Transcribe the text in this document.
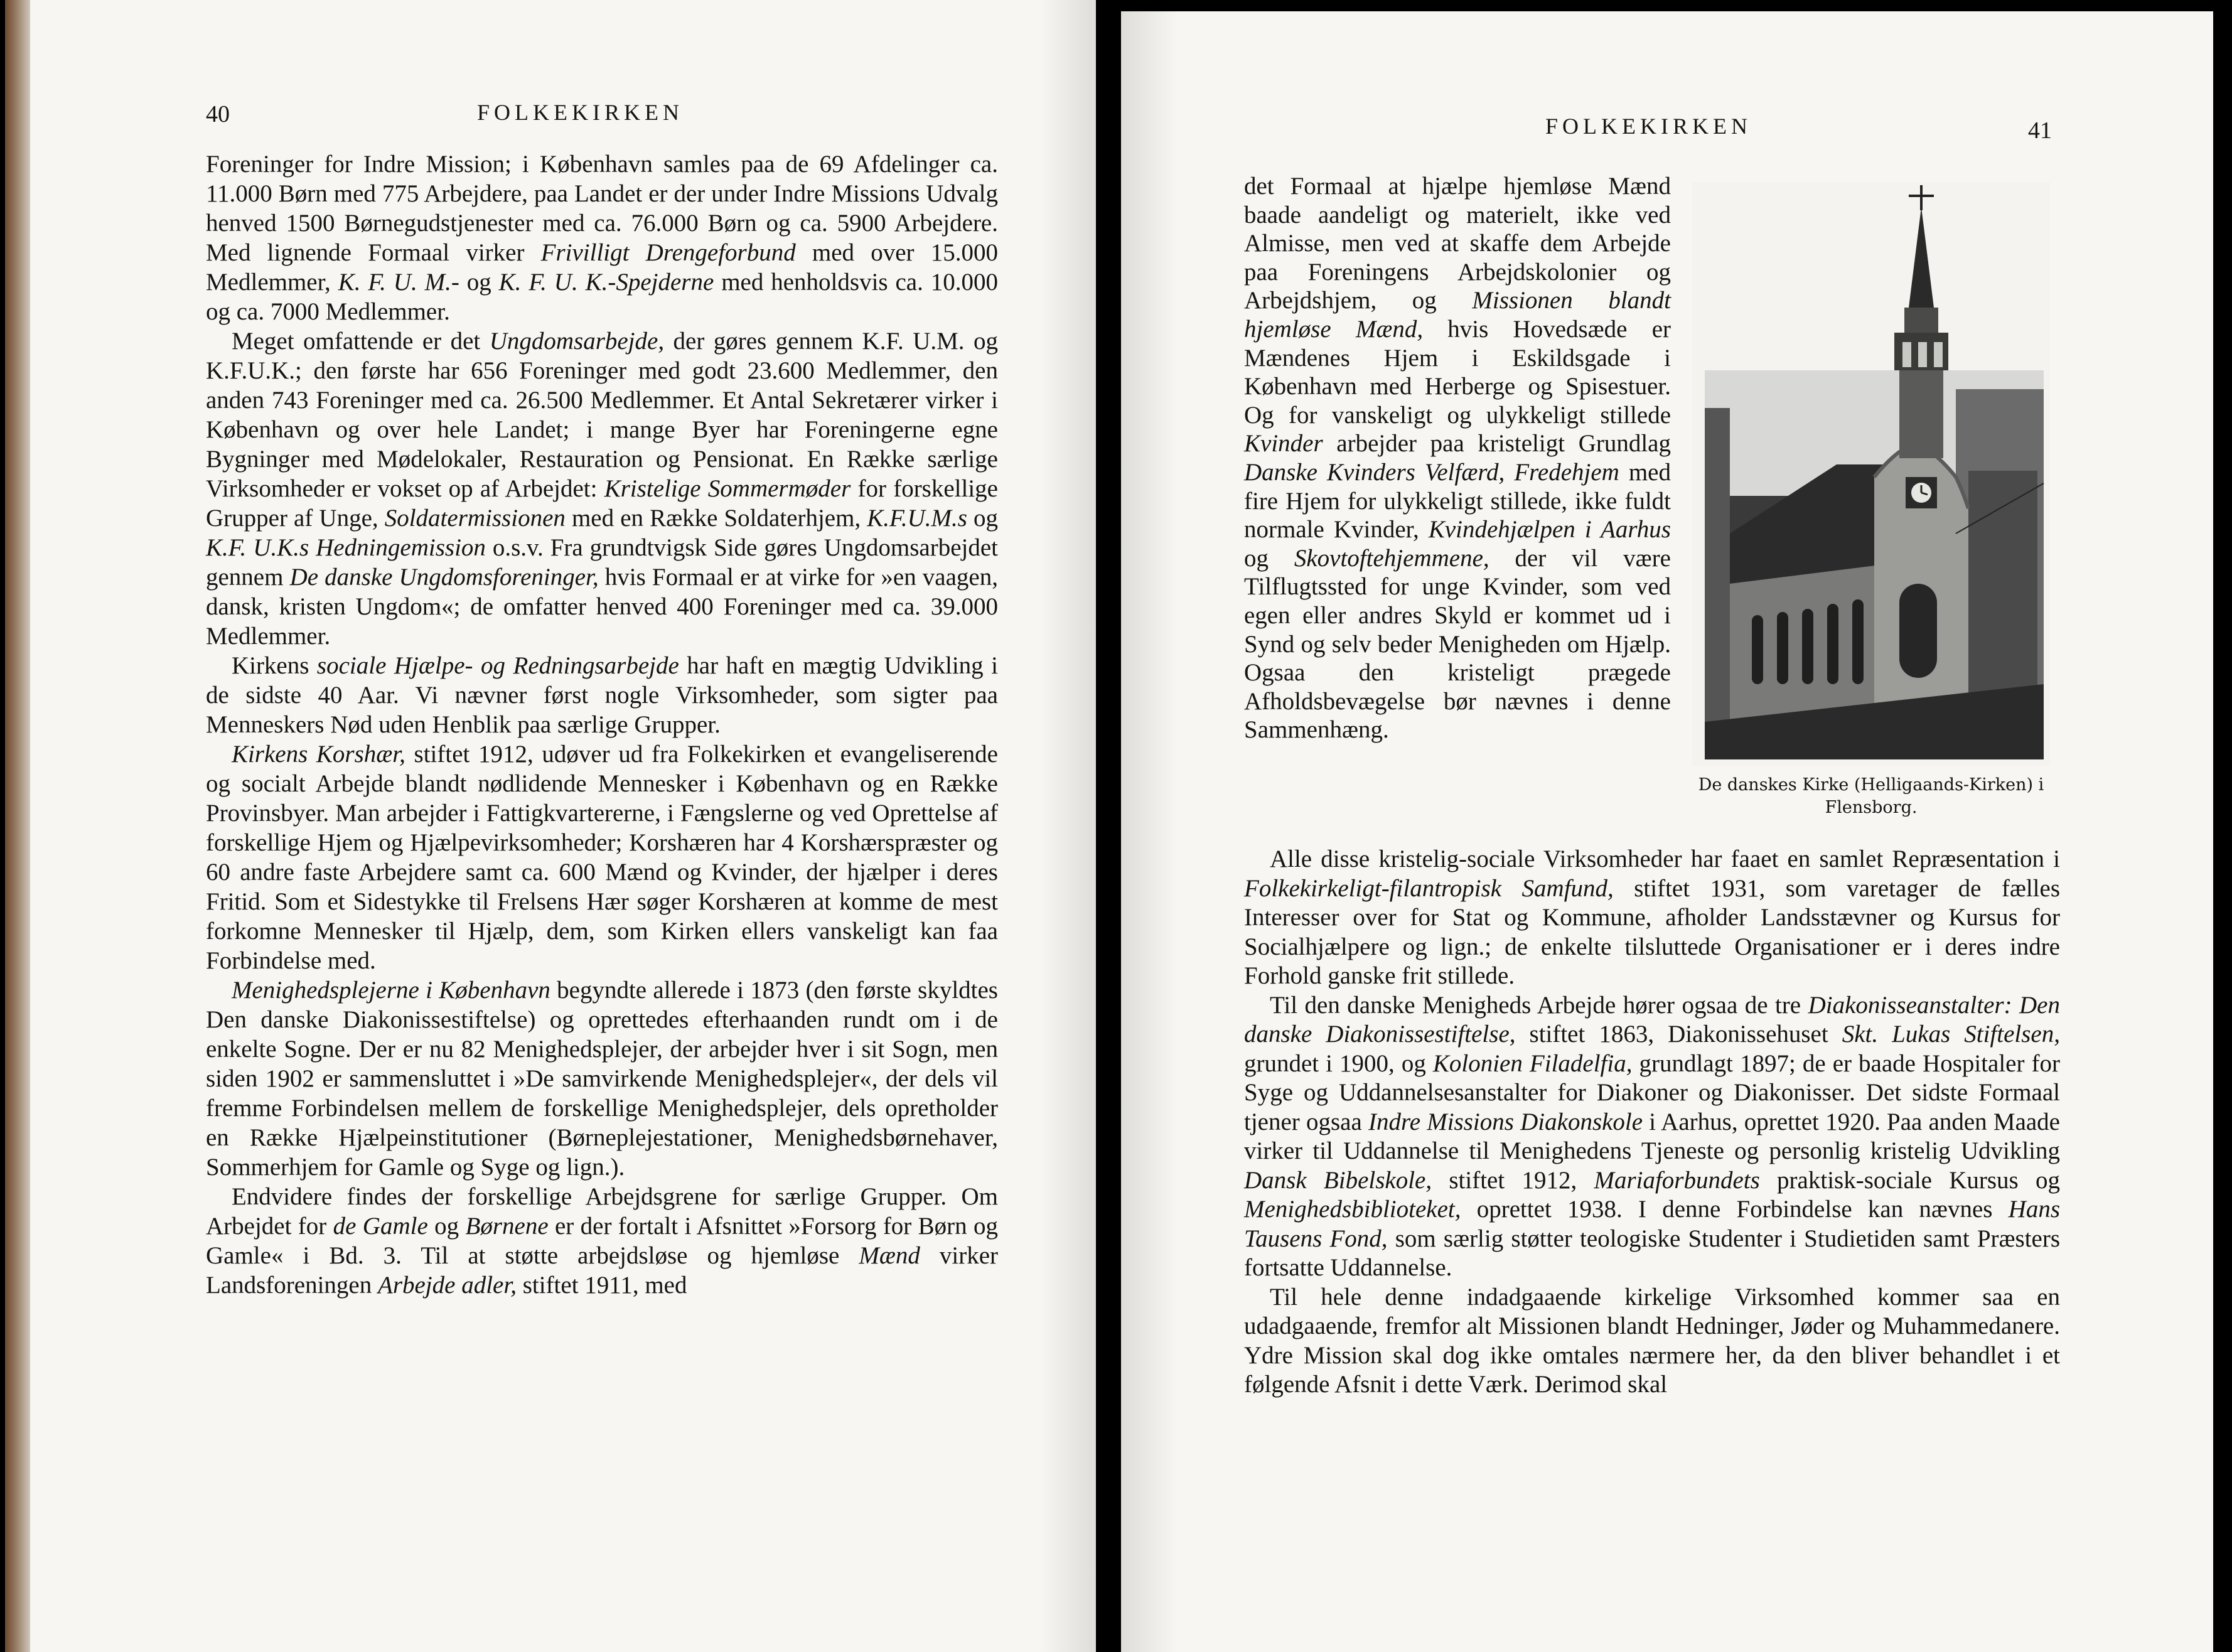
40	FOLKEKIRKEN

Foreninger for Indre Mission; i København samles paa de 69 Afdelinger ca. 11.000 Børn med 775 Arbejdere, paa Landet er der under Indre Missions Udvalg henved 1500 Børnegudstjenester med ca. 76.000 Børn og ca. 5900 Arbejdere. Med lignende Formaal virker Frivilligt Drengeforbund med over 15.000 Medlemmer, K. F. U. M.- og K. F. U. K.-Spejderne med henholdsvis ca. 10.000 og ca. 7000 Medlemmer.

Meget omfattende er det Ungdomsarbejde, der gøres gennem K.F. U.M. og K.F.U.K.; den første har 656 Foreninger med godt 23.600 Medlemmer, den anden 743 Foreninger med ca. 26.500 Medlemmer. Et Antal Sekretærer virker i København og over hele Landet; i mange Byer har Foreningerne egne Bygninger med Mødelokaler, Restauration og Pensionat. En Række særlige Virksomheder er vokset op af Arbejdet: Kristelige Sommermøder for forskellige Grupper af Unge, Soldatermissionen med en Række Soldaterhjem, K.F.U.M.s og K.F. U.K.s Hedningemission o.s.v. Fra grundtvigsk Side gøres Ungdomsarbejdet gennem De danske Ungdomsforeninger, hvis Formaal er at virke for »en vaagen, dansk, kristen Ungdom«; de omfatter henved 400 Foreninger med ca. 39.000 Medlemmer.

Kirkens sociale Hjælpe- og Redningsarbejde har haft en mægtig Udvikling i de sidste 40 Aar. Vi nævner først nogle Virksomheder, som sigter paa Menneskers Nød uden Henblik paa særlige Grupper.

Kirkens Korshær, stiftet 1912, udøver ud fra Folkekirken et evangeliserende og socialt Arbejde blandt nødlidende Mennesker i København og en Række Provinsbyer. Man arbejder i Fattigkvartererne, i Fængslerne og ved Oprettelse af forskellige Hjem og Hjælpevirksomheder; Korshæren har 4 Korshærspræster og 60 andre faste Arbejdere samt ca. 600 Mænd og Kvinder, der hjælper i deres Fritid. Som et Sidestykke til Frelsens Hær søger Korshæren at komme de mest forkomne Mennesker til Hjælp, dem, som Kirken ellers vanskeligt kan faa Forbindelse med.

Menighedsplejerne i København begyndte allerede i 1873 (den første skyldtes Den danske Diakonissestiftelse) og oprettedes efterhaanden rundt om i de enkelte Sogne. Der er nu 82 Menighedsplejer, der arbejder hver i sit Sogn, men siden 1902 er sammensluttet i »De samvirkende Menighedsplejer«, der dels vil fremme Forbindelsen mellem de forskellige Menighedsplejer, dels opretholder en Række Hjælpeinstitutioner (Børneplejestationer, Menighedsbørnehaver, Sommerhjem for Gamle og Syge og lign.).

Endvidere findes der forskellige Arbejdsgrene for særlige Grupper. Om Arbejdet for de Gamle og Børnene er der fortalt i Afsnittet »Forsorg for Børn og Gamle« i Bd. 3. Til at støtte arbejdsløse og hjemløse Mænd virker Landsforeningen Arbejde adler, stiftet 1911, med

FOLKEKIRKEN	41

det Formaal at hjælpe hjemløse Mænd baade aandeligt og materielt, ikke ved Almisse, men ved at skaffe dem Arbejde paa Foreningens Arbejdskolonier og Arbejdshjem, og Missionen blandt hjemløse Mænd, hvis Hovedsæde er Mændenes Hjem i Eskildsgade i København med Herberge og Spisestuer. Og for vanskeligt og ulykkeligt stillede Kvinder arbejder paa kristeligt Grundlag Danske Kvinders Velfærd, Fredehjem med fire Hjem for ulykkeligt stillede, ikke fuldt normale Kvinder, Kvindehjælpen i Aarhus og Skovtoftehjemmene, der vil være Tilflugtssted for unge Kvinder, som ved egen eller andres Skyld er kommet ud i Synd og selv beder Menigheden om Hjælp. Ogsaa den kristeligt prægede Afholdsbevægelse bør nævnes i denne Sammenhæng.

De danskes Kirke (Helligaands-Kirken) i Flensborg.

Alle disse kristelig-sociale Virksomheder har faaet en samlet Repræsentation i Folkekirkeligt-filantropisk Samfund, stiftet 1931, som varetager de fælles Interesser over for Stat og Kommune, afholder Landsstævner og Kursus for Socialhjælpere og lign.; de enkelte tilsluttede Organisationer er i deres indre Forhold ganske frit stillede.

Til den danske Menigheds Arbejde hører ogsaa de tre Diakonisseanstalter: Den danske Diakonissestiftelse, stiftet 1863, Diakonissehuset Skt. Lukas Stiftelsen, grundet i 1900, og Kolonien Filadelfia, grundlagt 1897; de er baade Hospitaler for Syge og Uddannelsesanstalter for Diakoner og Diakonisser. Det sidste Formaal tjener ogsaa Indre Missions Diakonskole i Aarhus, oprettet 1920. Paa anden Maade virker til Uddannelse til Menighedens Tjeneste og personlig kristelig Udvikling Dansk Bibelskole, stiftet 1912, Mariaforbundets praktisk-sociale Kursus og Menighedsbiblioteket, oprettet 1938. I denne Forbindelse kan nævnes Hans Tausens Fond, som særlig støtter teologiske Studenter i Studietiden samt Præsters fortsatte Uddannelse.

Til hele denne indadgaaende kirkelige Virksomhed kommer saa en udadgaaende, fremfor alt Missionen blandt Hedninger, Jøder og Muhammedanere. Ydre Mission skal dog ikke omtales nærmere her, da den bliver behandlet i et følgende Afsnit i dette Værk. Derimod skal
